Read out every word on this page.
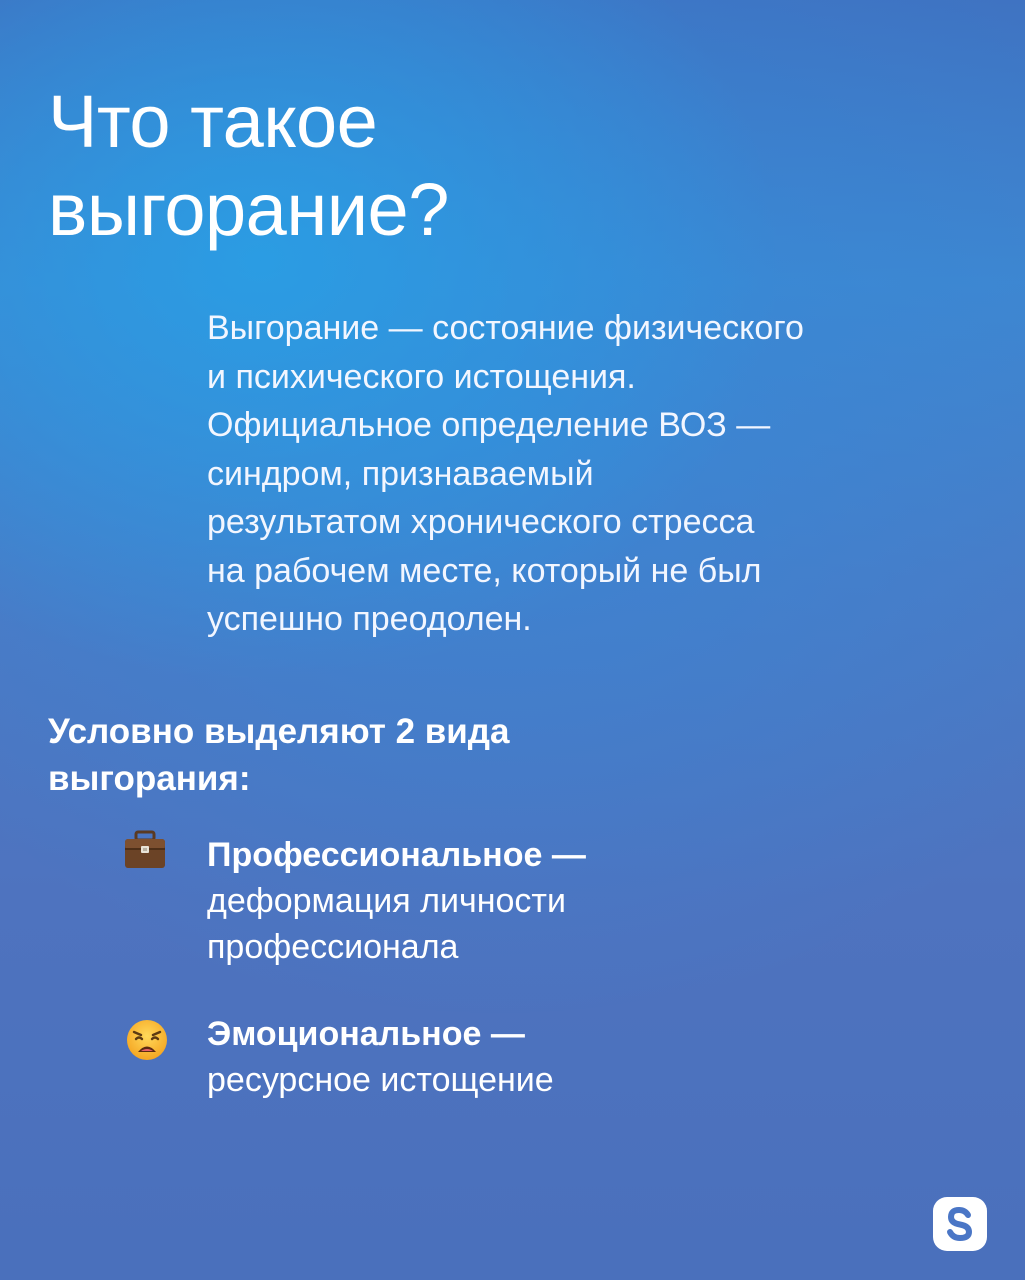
Что такое
выгорание?

Выгорание — состояние физического
и психического истощения.
Официальное определение ВОЗ —
синдром, признаваемый
результатом хронического стресса
на рабочем месте, который не был
успешно преодолен.

Условно выделяют 2 вида
выгорания:
Профессиональное —
деформация личности
профессионала
Эмоциональное —
ресурсное истощение
